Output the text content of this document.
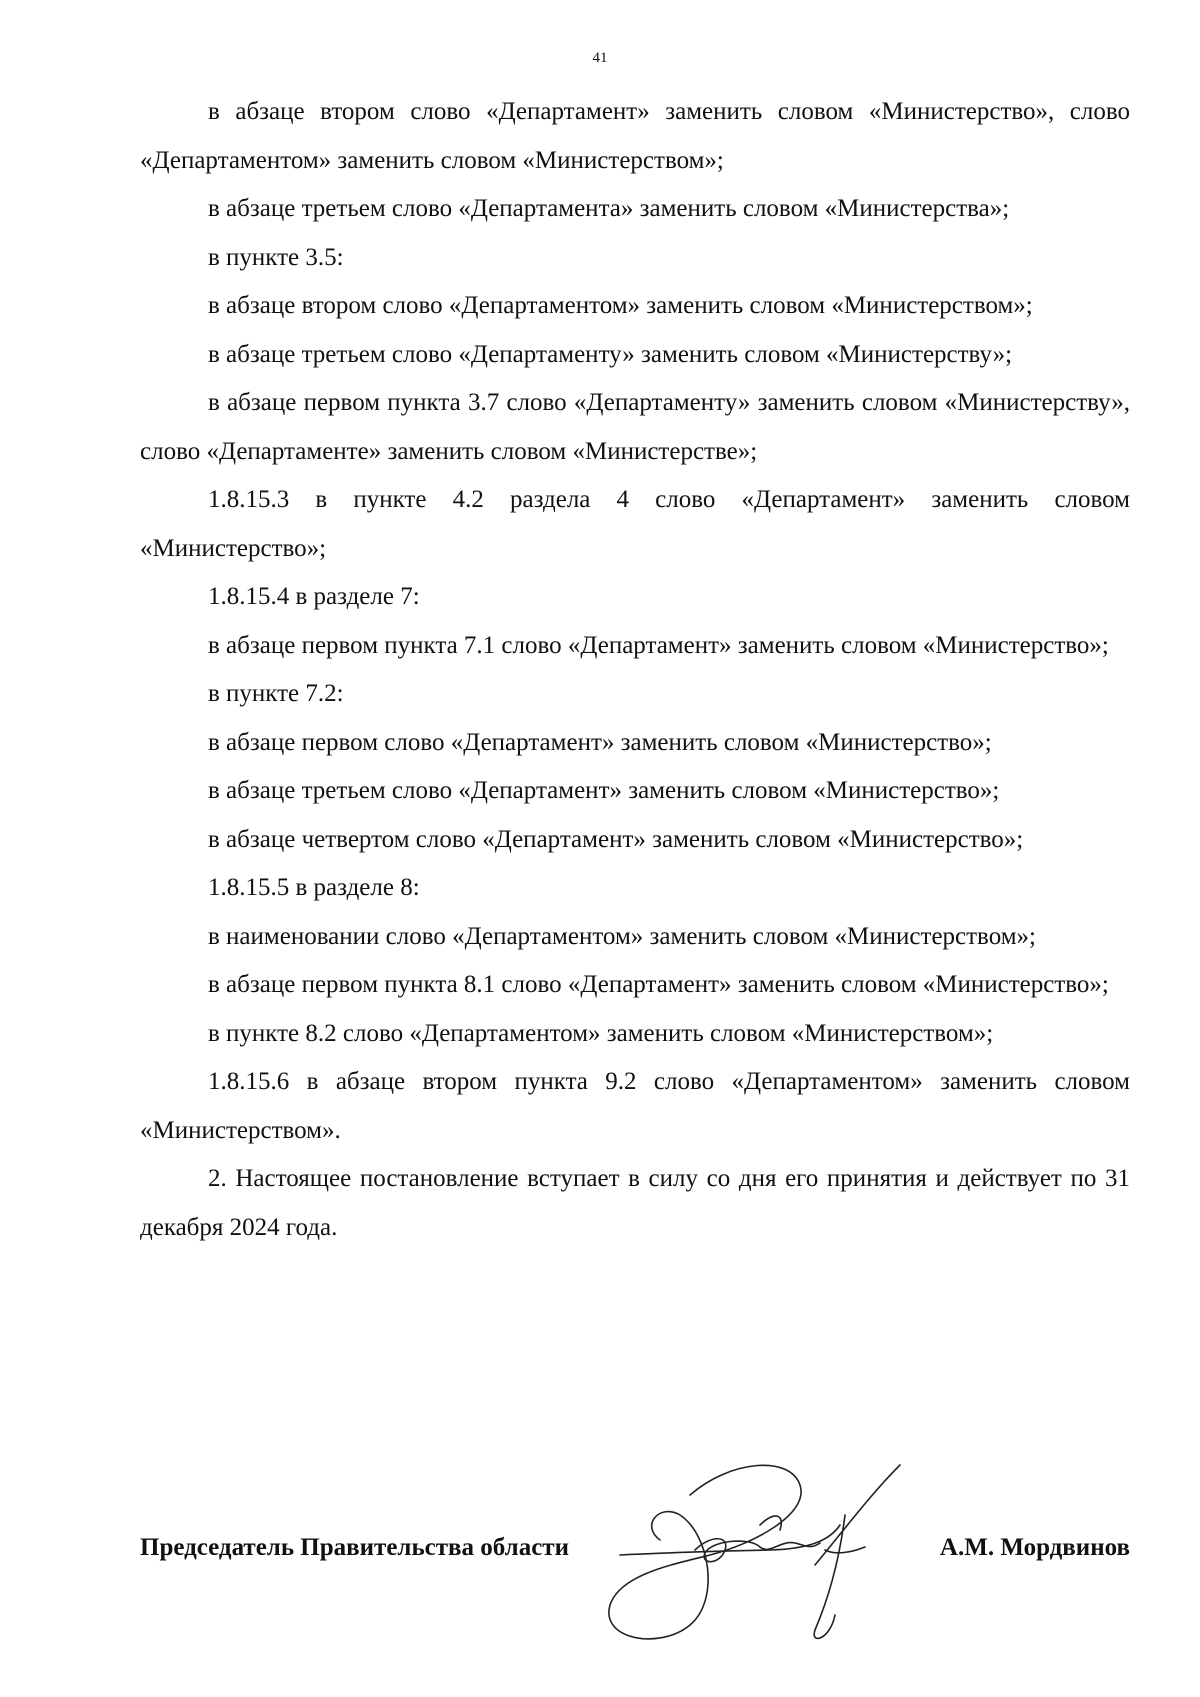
41

в абзаце втором слово «Департамент» заменить словом «Министерство», слово «Департаментом» заменить словом «Министерством»;

в абзаце третьем слово «Департамента» заменить словом «Министерства»;

в пункте 3.5:

в абзаце втором слово «Департаментом» заменить словом «Министерством»;

в абзаце третьем слово «Департаменту» заменить словом «Министерству»;

в абзаце первом пункта 3.7 слово «Департаменту» заменить словом «Министерству», слово «Департаменте» заменить словом «Министерстве»;

1.8.15.3 в пункте 4.2 раздела 4 слово «Департамент» заменить словом «Министерство»;

1.8.15.4 в разделе 7:

в абзаце первом пункта 7.1 слово «Департамент» заменить словом «Министерство»;

в пункте 7.2:

в абзаце первом слово «Департамент» заменить словом «Министерство»;

в абзаце третьем слово «Департамент» заменить словом «Министерство»;

в абзаце четвертом слово «Департамент» заменить словом «Министерство»;

1.8.15.5 в разделе 8:

в наименовании слово «Департаментом» заменить словом «Министерством»;

в абзаце первом пункта 8.1 слово «Департамент» заменить словом «Министерство»;

в пункте 8.2 слово «Департаментом» заменить словом «Министерством»;

1.8.15.6 в абзаце втором пункта 9.2 слово «Департаментом» заменить словом «Министерством».

2. Настоящее постановление вступает в силу со дня его принятия и действует по 31 декабря 2024 года.

Председатель Правительства области	А.М. Мордвинов
